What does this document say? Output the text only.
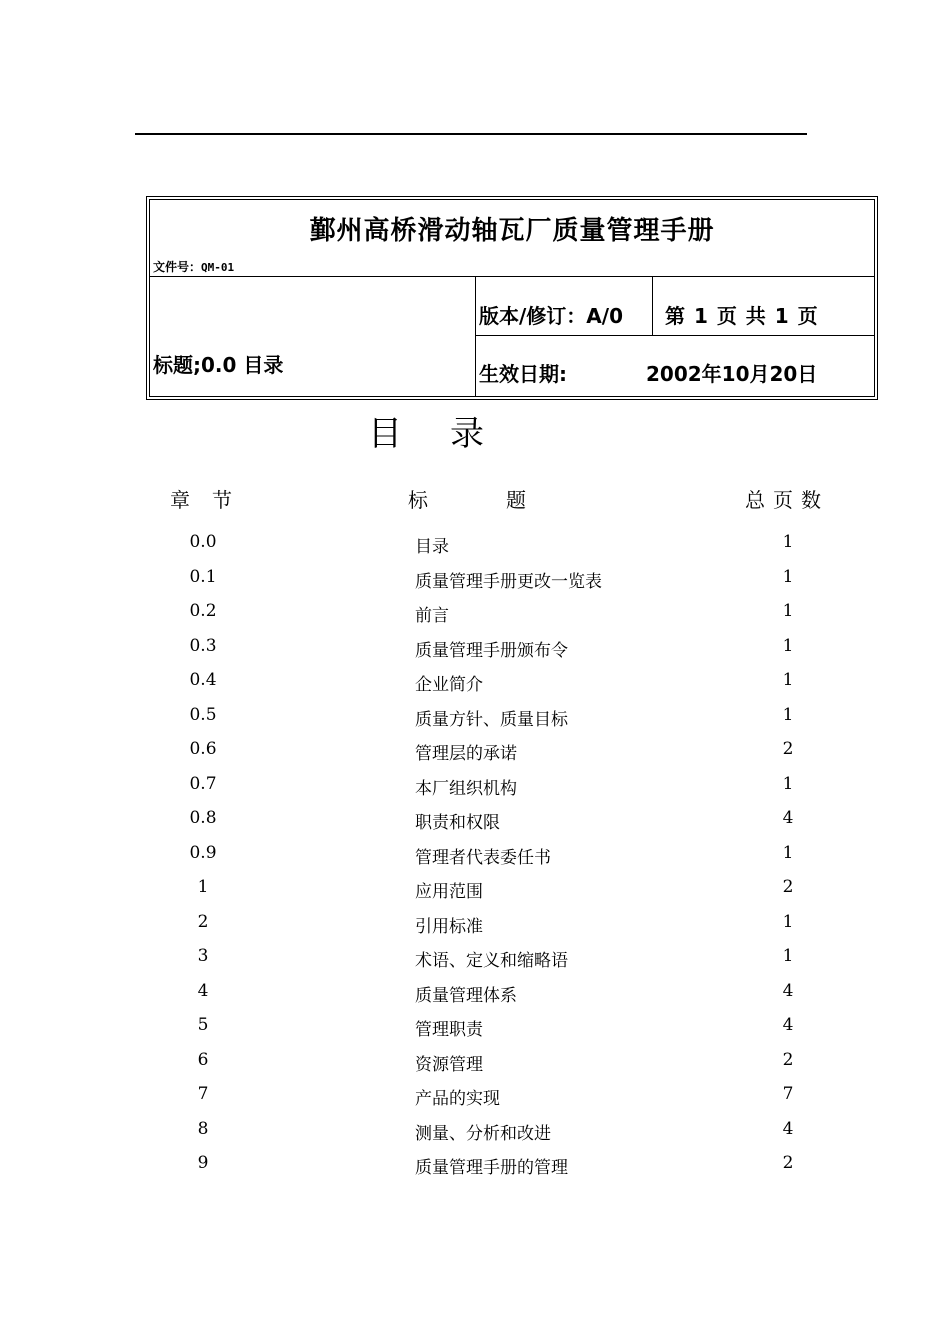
鄞州高桥滑动轴瓦厂质量管理手册
文件号：QM-01
标题;0.0 目录
版本/修订：A/0 第 1 页 共 1 页
生效日期:	2002年10月20日
目录
章节	标题	总页数
0.0	目录	1
0.1	质量管理手册更改一览表	1
0.2	前言	1
0.3	质量管理手册颁布令	1
0.4	企业简介	1
0.5	质量方针、质量目标	1
0.6	管理层的承诺	2
0.7	本厂组织机构	1
0.8	职责和权限	4
0.9	管理者代表委任书	1
1	应用范围	2
2	引用标准	1
3	术语、定义和缩略语	1
4	质量管理体系	4
5	管理职责	4
6	资源管理	2
7	产品的实现	7
8	测量、分析和改进	4
9	质量管理手册的管理	2
